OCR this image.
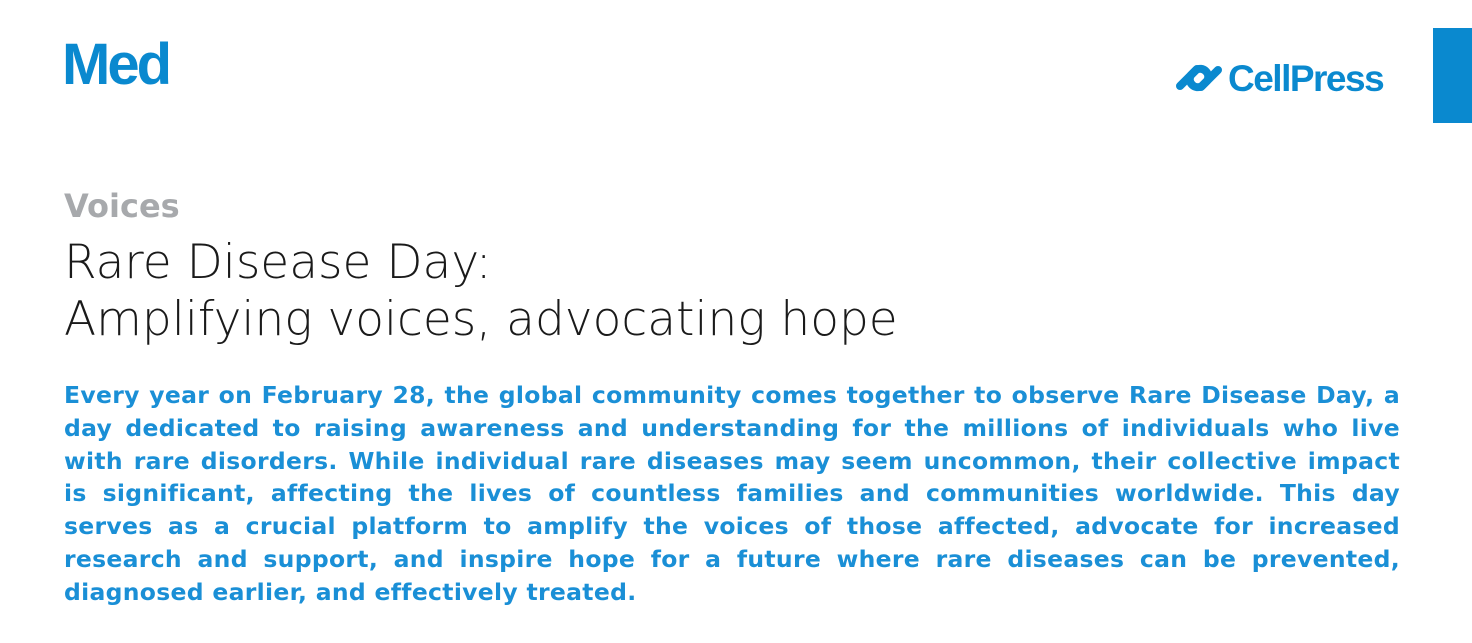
Med	CellPress
Voices
Rare Disease Day:
Amplifying voices, advocating hope

Every year on February 28, the global community comes together to observe Rare Disease Day, a day dedicated to raising awareness and understanding for the millions of individuals who live with rare disorders. While individual rare diseases may seem uncommon, their collective impact is significant, affecting the lives of countless families and communities worldwide. This day serves as a crucial platform to amplify the voices of those affected, advocate for increased research and support, and inspire hope for a future where rare diseases can be prevented, diagnosed earlier, and effectively treated.
